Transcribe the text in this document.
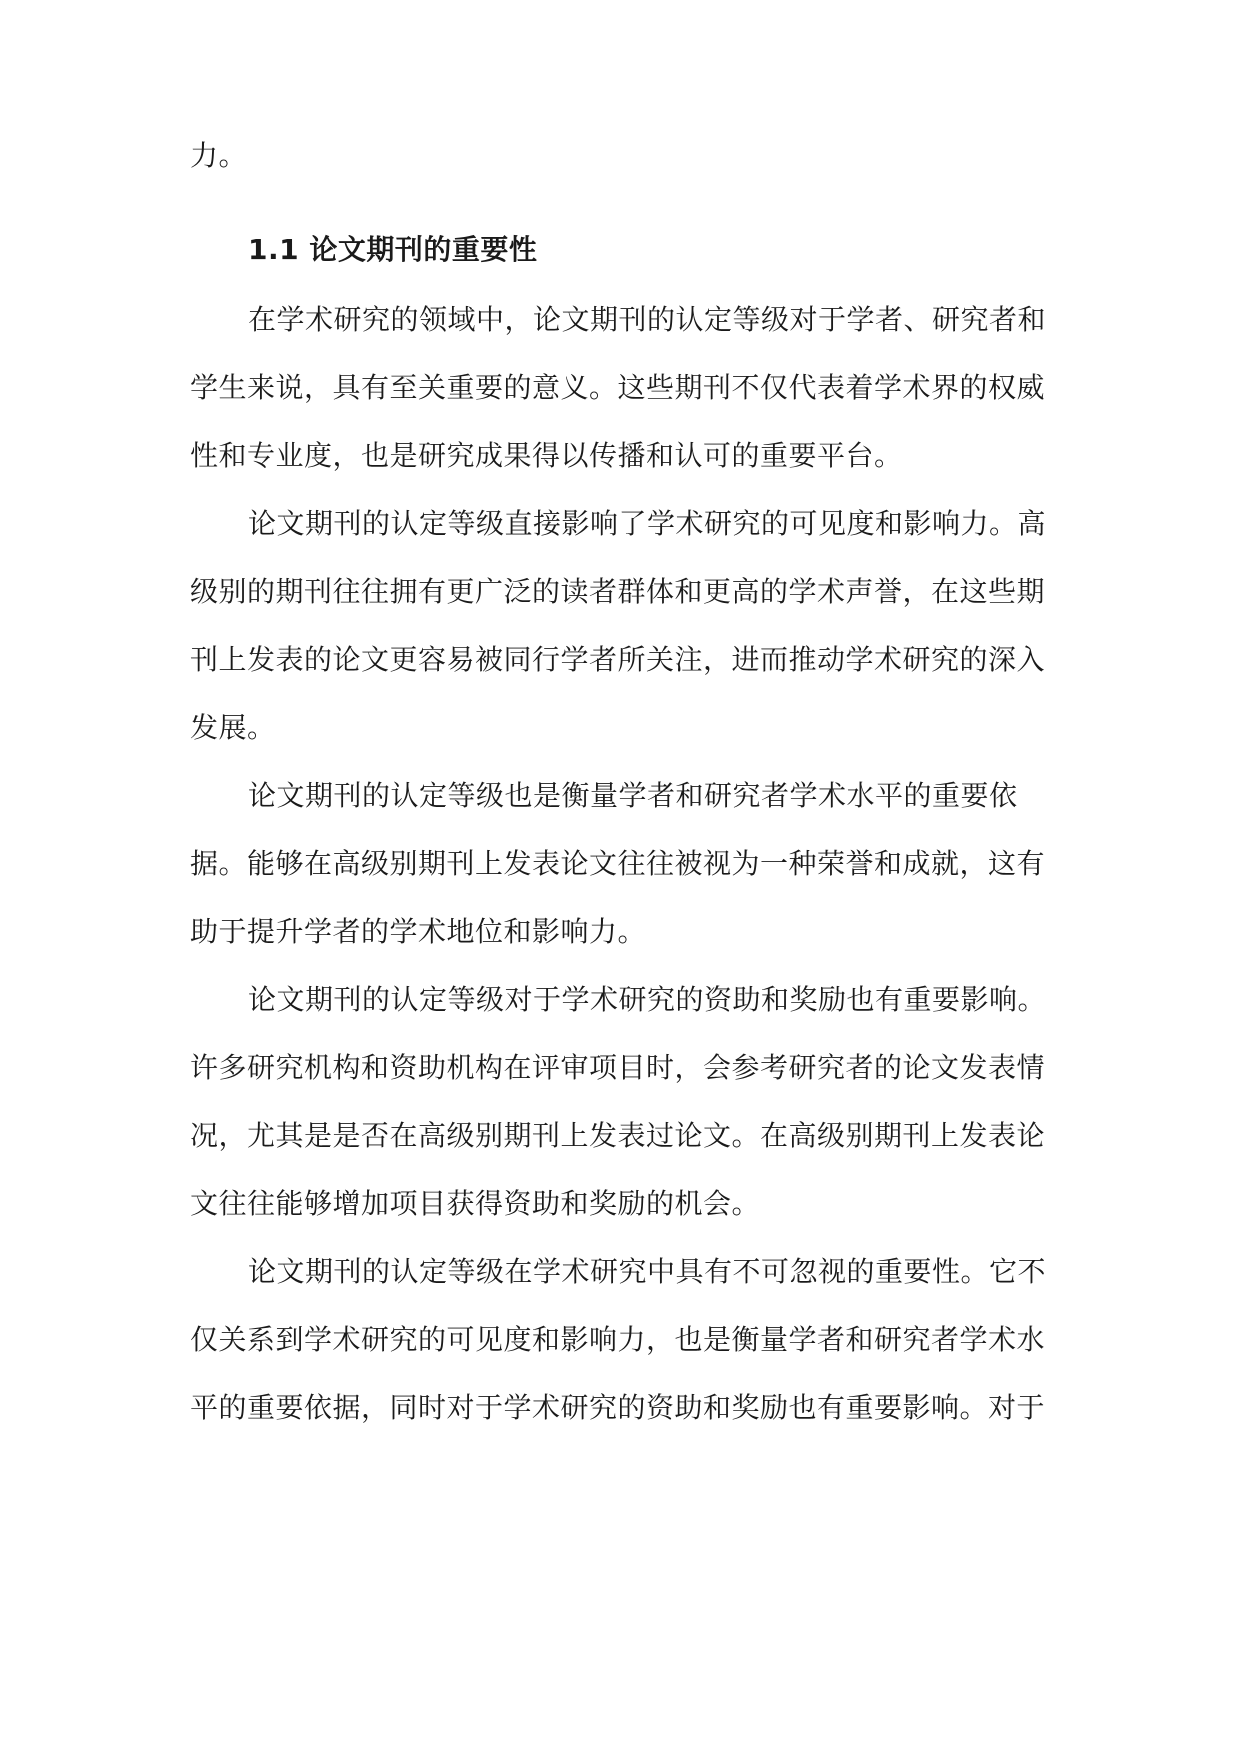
力。
1.1 论文期刊的重要性
在学术研究的领域中，论文期刊的认定等级对于学者、研究者和
学生来说，具有至关重要的意义。这些期刊不仅代表着学术界的权威
性和专业度，也是研究成果得以传播和认可的重要平台。
论文期刊的认定等级直接影响了学术研究的可见度和影响力。高
级别的期刊往往拥有更广泛的读者群体和更高的学术声誉，在这些期
刊上发表的论文更容易被同行学者所关注，进而推动学术研究的深入
发展。
论文期刊的认定等级也是衡量学者和研究者学术水平的重要依
据。能够在高级别期刊上发表论文往往被视为一种荣誉和成就，这有
助于提升学者的学术地位和影响力。
论文期刊的认定等级对于学术研究的资助和奖励也有重要影响。
许多研究机构和资助机构在评审项目时，会参考研究者的论文发表情
况，尤其是是否在高级别期刊上发表过论文。在高级别期刊上发表论
文往往能够增加项目获得资助和奖励的机会。
论文期刊的认定等级在学术研究中具有不可忽视的重要性。它不
仅关系到学术研究的可见度和影响力，也是衡量学者和研究者学术水
平的重要依据，同时对于学术研究的资助和奖励也有重要影响。对于
